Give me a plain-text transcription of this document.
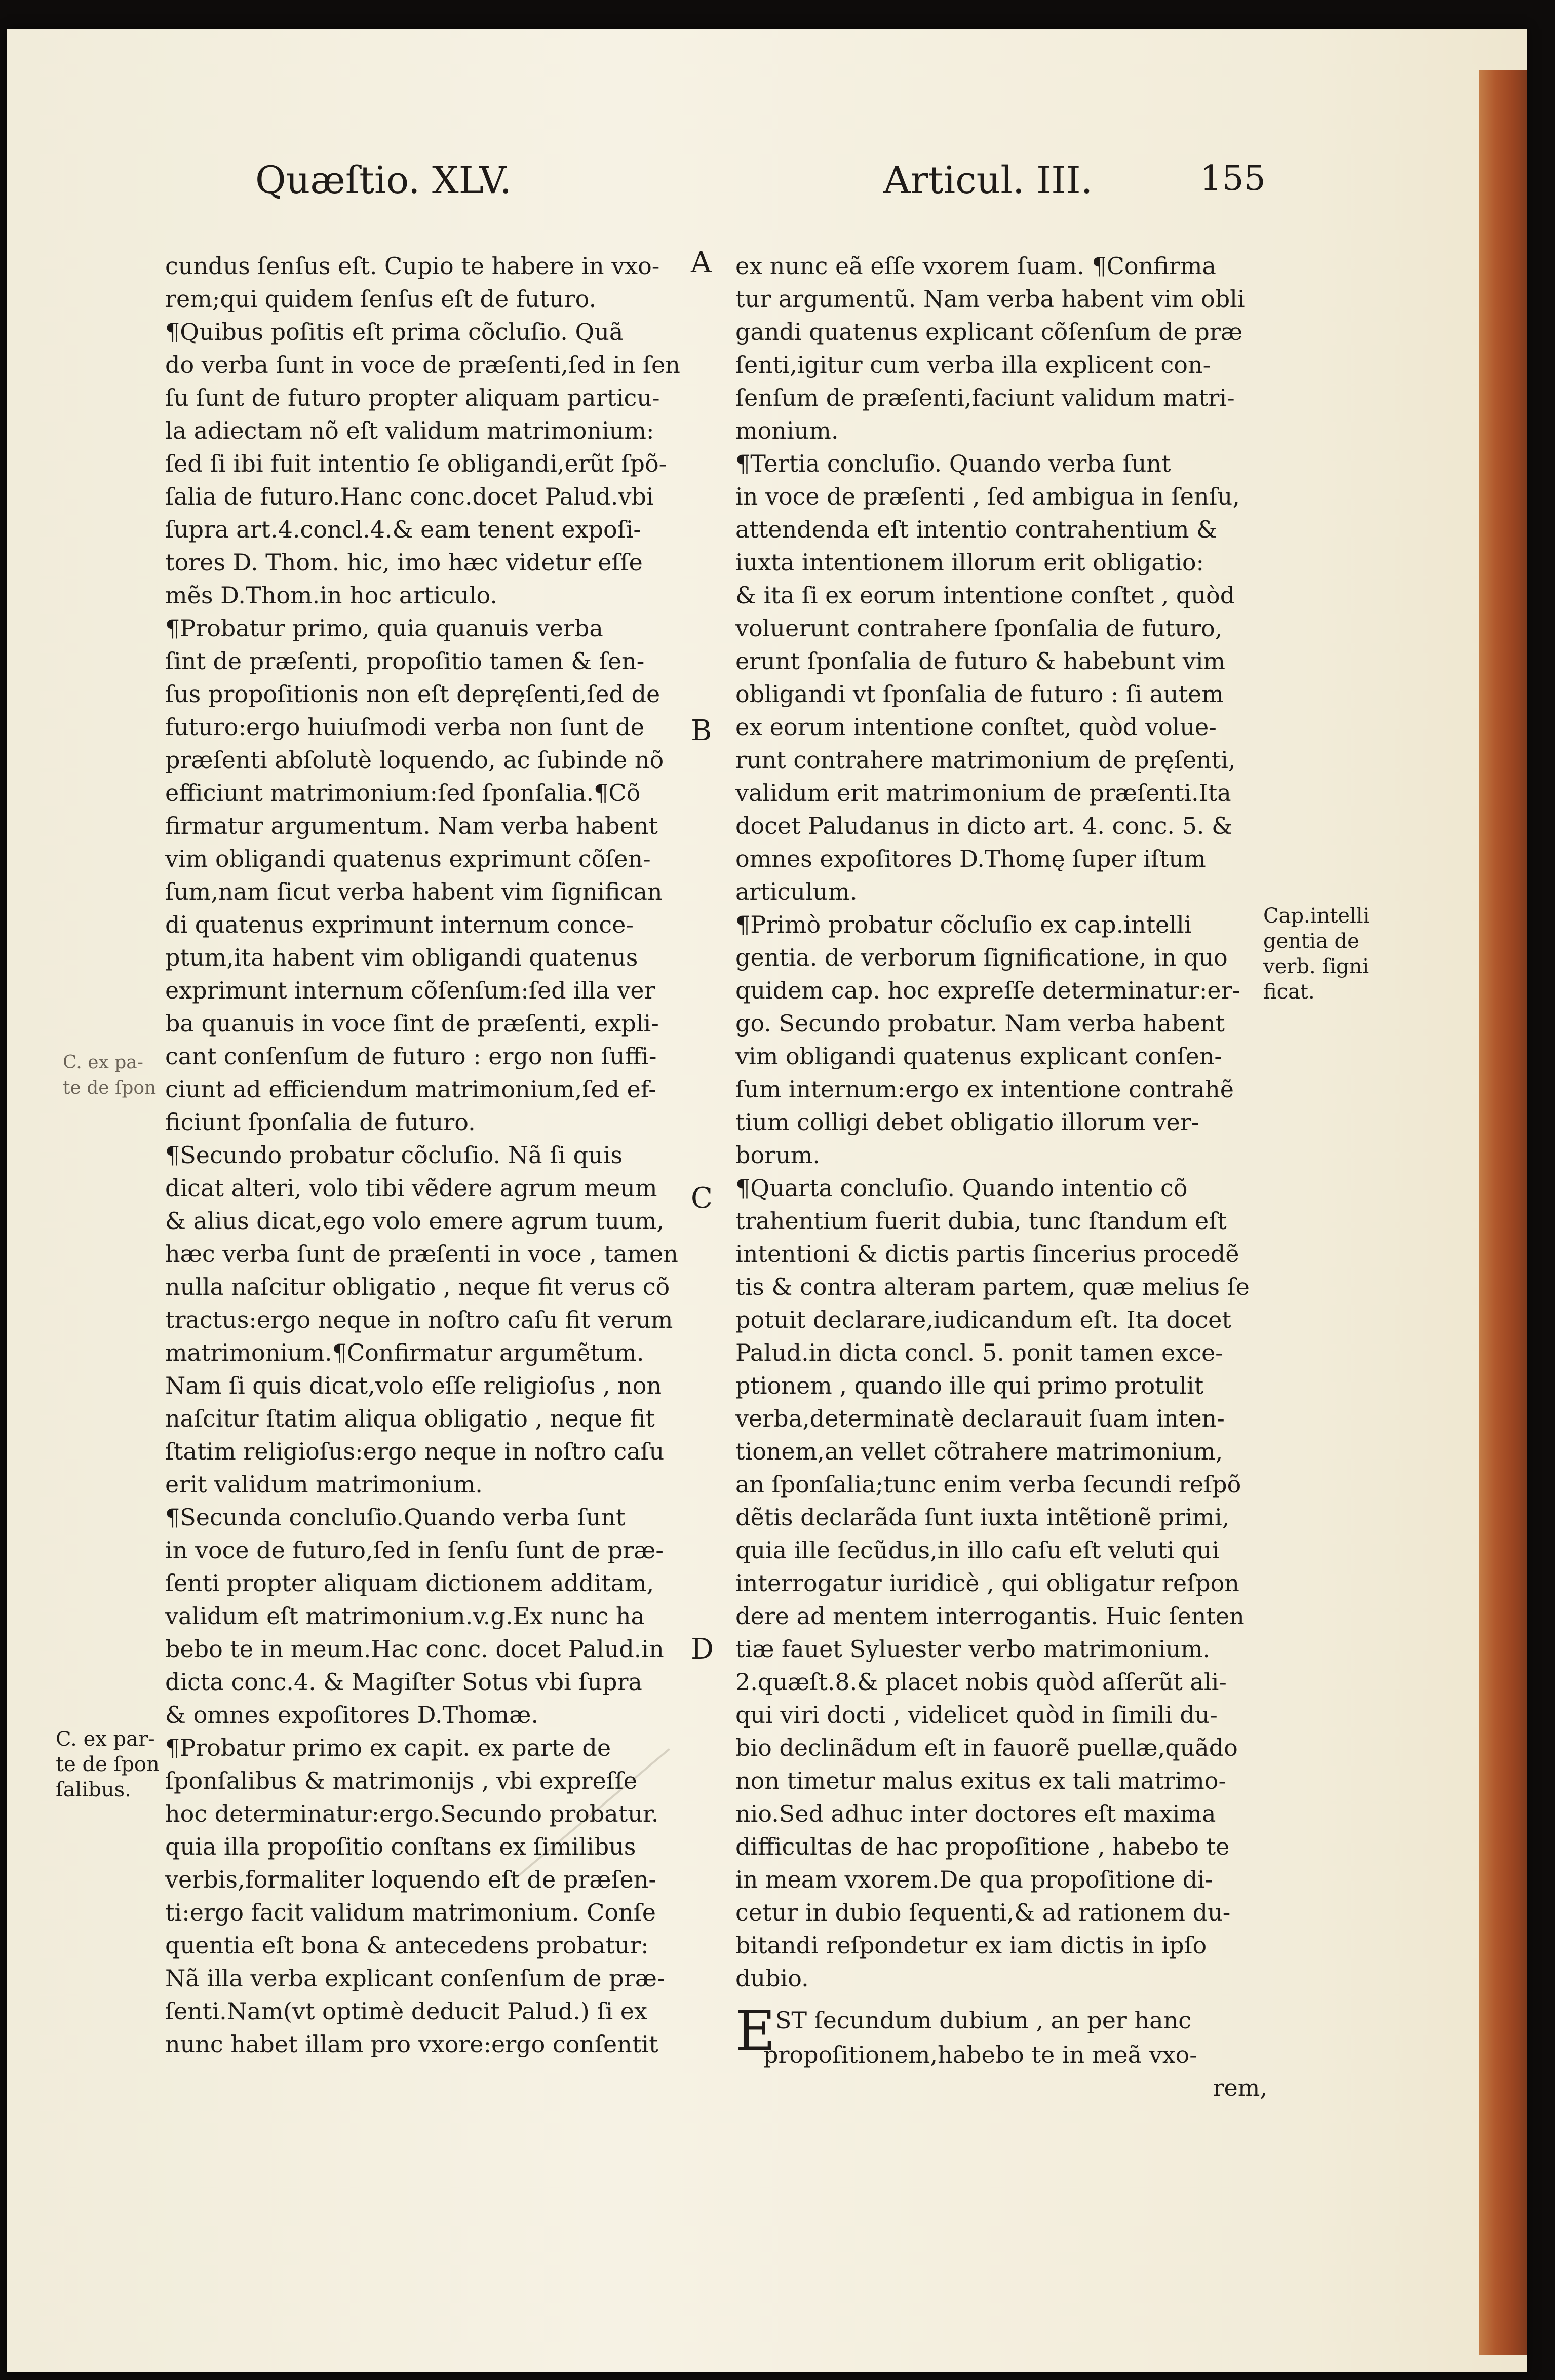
Quæſtio. XLV.	Articul. III.	155
A
B
C
D
Cap.intelli
gentia de
verb. ſigni
ficat.
C. ex pa-
te de ſpon
C. ex par-
te de ſpon
ſalibus.
cundus ſenſus eſt. Cupio te habere in vxo-
rem;qui quidem ſenſus eſt de futuro.
¶Quibus poſitis eſt prima cõcluſio. Quã
do verba ſunt in voce de præſenti,ſed in ſen
ſu ſunt de futuro propter aliquam particu-
la adiectam nõ eſt validum matrimonium:
ſed ſi ibi fuit intentio ſe obligandi,erũt ſpõ-
ſalia de futuro.Hanc conc.docet Palud.vbi
ſupra art.4.concl.4.& eam tenent expoſi-
tores D. Thom. hic, imo hæc videtur eſſe
mẽs D.Thom.in hoc articulo.
¶Probatur primo, quia quanuis verba
ſint de præſenti, propoſitio tamen & ſen-
ſus propoſitionis non eſt depręſenti,ſed de
futuro:ergo huiuſmodi verba non ſunt de
præſenti abſolutè loquendo, ac ſubinde nõ
efficiunt matrimonium:ſed ſponſalia.¶Cõ
firmatur argumentum. Nam verba habent
vim obligandi quatenus exprimunt cõſen-
ſum,nam ſicut verba habent vim ſignifican
di quatenus exprimunt internum conce-
ptum,ita habent vim obligandi quatenus
exprimunt internum cõſenſum:ſed illa ver
ba quanuis in voce ſint de præſenti, expli-
cant conſenſum de futuro : ergo non ſuffi-
ciunt ad efficiendum matrimonium,ſed ef-
ficiunt ſponſalia de futuro.
¶Secundo probatur cõcluſio. Nã ſi quis
dicat alteri, volo tibi vẽdere agrum meum
& alius dicat,ego volo emere agrum tuum,
hæc verba ſunt de præſenti in voce , tamen
nulla naſcitur obligatio , neque fit verus cõ
tractus:ergo neque in noſtro caſu fit verum
matrimonium.¶Confirmatur argumẽtum.
Nam ſi quis dicat,volo eſſe religioſus , non
naſcitur ſtatim aliqua obligatio , neque fit
ſtatim religioſus:ergo neque in noſtro caſu
erit validum matrimonium.
¶Secunda concluſio.Quando verba ſunt
in voce de futuro,ſed in ſenſu ſunt de præ-
ſenti propter aliquam dictionem additam,
validum eſt matrimonium.v.g.Ex nunc ha
bebo te in meum.Hac conc. docet Palud.in
dicta conc.4. & Magiſter Sotus vbi ſupra
& omnes expoſitores D.Thomæ.
¶Probatur primo ex capit. ex parte de
ſponſalibus & matrimonijs , vbi expreſſe
hoc determinatur:ergo.Secundo probatur.
quia illa propoſitio conſtans ex ſimilibus
verbis,formaliter loquendo eſt de præſen-
ti:ergo facit validum matrimonium. Conſe
quentia eſt bona & antecedens probatur:
Nã illa verba explicant conſenſum de præ-
ſenti.Nam(vt optimè deducit Palud.) ſi ex
nunc habet illam pro vxore:ergo conſentit
ex nunc eã eſſe vxorem ſuam. ¶Confirma
tur argumentũ. Nam verba habent vim obli
gandi quatenus explicant cõſenſum de præ
ſenti,igitur cum verba illa explicent con-
ſenſum de præſenti,faciunt validum matri-
monium.
¶Tertia concluſio. Quando verba ſunt
in voce de præſenti , ſed ambigua in ſenſu,
attendenda eſt intentio contrahentium &
iuxta intentionem illorum erit obligatio:
& ita ſi ex eorum intentione conſtet , quòd
voluerunt contrahere ſponſalia de futuro,
erunt ſponſalia de futuro & habebunt vim
obligandi vt ſponſalia de futuro : ſi autem
ex eorum intentione conſtet, quòd volue-
runt contrahere matrimonium de pręſenti,
validum erit matrimonium de præſenti.Ita
docet Paludanus in dicto art. 4. conc. 5. &
omnes expoſitores D.Thomę ſuper iſtum
articulum.
¶Primò probatur cõcluſio ex cap.intelli
gentia. de verborum ſignificatione, in quo
quidem cap. hoc expreſſe determinatur:er-
go. Secundo probatur. Nam verba habent
vim obligandi quatenus explicant conſen-
ſum internum:ergo ex intentione contrahẽ
tium colligi debet obligatio illorum ver-
borum.
¶Quarta concluſio. Quando intentio cõ
trahentium fuerit dubia, tunc ſtandum eſt
intentioni & dictis partis ſincerius procedẽ
tis & contra alteram partem, quæ melius ſe
potuit declarare,iudicandum eſt. Ita docet
Palud.in dicta concl. 5. ponit tamen exce-
ptionem , quando ille qui primo protulit
verba,determinatè declarauit ſuam inten-
tionem,an vellet cõtrahere matrimonium,
an ſponſalia;tunc enim verba ſecundi reſpõ
dẽtis declarãda ſunt iuxta intẽtionẽ primi,
quia ille ſecũdus,in illo caſu eſt veluti qui
interrogatur iuridicè , qui obligatur reſpon
dere ad mentem interrogantis. Huic ſenten
tiæ fauet Syluester verbo matrimonium.
2.quæſt.8.& placet nobis quòd aſſerũt ali-
qui viri docti , videlicet quòd in ſimili du-
bio declinãdum eſt in fauorẽ puellæ,quãdo
non timetur malus exitus ex tali matrimo-
nio.Sed adhuc inter doctores eſt maxima
difficultas de hac propoſitione , habebo te
in meam vxorem.De qua propoſitione di-
cetur in dubio ſequenti,& ad rationem du-
bitandi reſpondetur ex iam dictis in ipſo
dubio.
EST ſecundum dubium , an per hanc
propoſitionem,habebo te in meã vxo-
rem,
